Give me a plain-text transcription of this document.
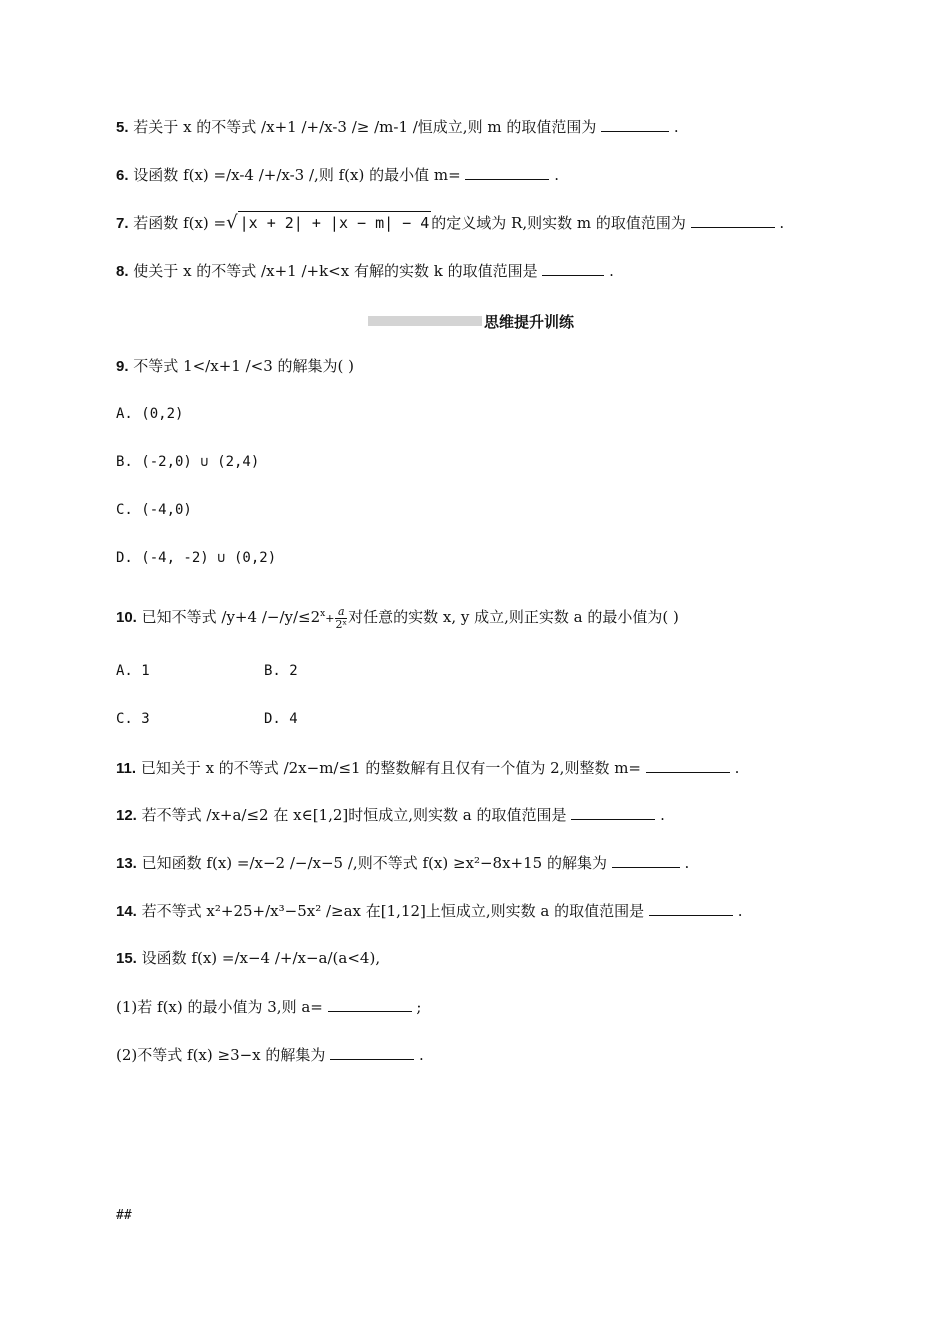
5. 若关于 x 的不等式 /x+1 /+/x-3 /≥ /m-1 /恒成立,则 m 的取值范围为	.
6. 设函数 f(x) =/x-4 /+/x-3 /,则 f(x) 的最小值 m=	.
7. 若函数 f(x) =√ |x + 2| + |x − m| − 4 的定义域为 R,则实数 m 的取值范围为	.
8. 使关于 x 的不等式 /x+1 /+k<x 有解的实数 k 的取值范围是	.
思维提升训练
9. 不等式 1</x+1 /<3 的解集为( )
A. (0,2)
B. (-2,0) ∪ (2,4)
C. (-4,0)
D. (-4, -2) ∪ (0,2)
10. 已知不等式 /y+4 $/-/y/\le 2^x+ \frac{a}{\text{2ˣ}}$ 对任意的实数 x, y 成立,则正实数 a 的最小值为( )
A. 1	B. 2
C. 3	D. 4
11. 已知关于 x 的不等式 /2x−m/≤1 的整数解有且仅有一个值为 2,则整数 m=	.
12. 若不等式 /x+a/≤2 在 x∈[1,2]时恒成立,则实数 a 的取值范围是	.
13. 已知函数 f(x) =/x−2 /−/x−5 /,则不等式 f(x) ≥x²−8x+15 的解集为	.
14. 若不等式 x²+25+/x³−5x² /≥ax 在[1,12]上恒成立,则实数 a 的取值范围是	.
15. 设函数 f(x) =/x−4 /+/x−a/(a<4),
(1)若 f(x) 的最小值为 3,则 a=	;
(2)不等式 f(x) ≥3−x 的解集为	.
##
